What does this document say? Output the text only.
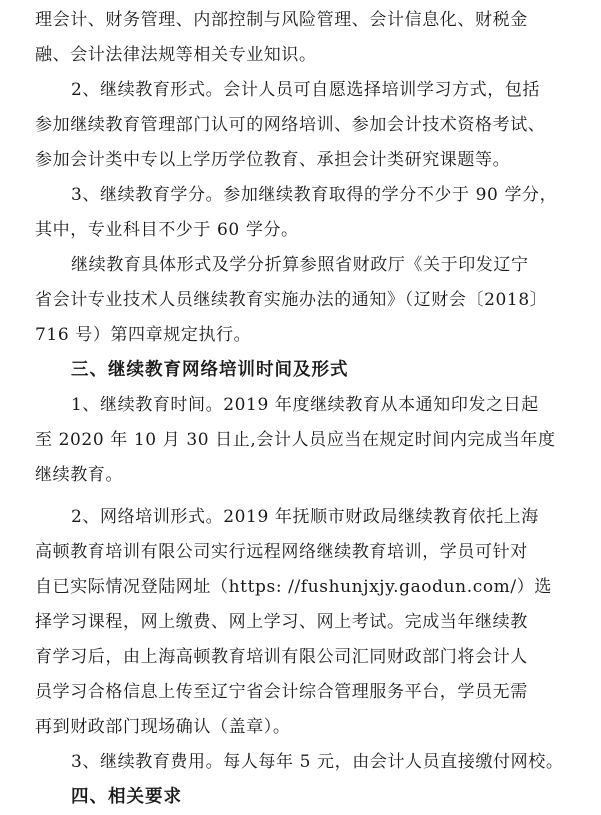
理会计、财务管理、内部控制与风险管理、会计信息化、财税金
融、会计法律法规等相关专业知识。
2、继续教育形式。会计人员可自愿选择培训学习方式，包括
参加继续教育管理部门认可的网络培训、参加会计技术资格考试、
参加会计类中专以上学历学位教育、承担会计类研究课题等。
3、继续教育学分。参加继续教育取得的学分不少于 90 学分，
其中，专业科目不少于 60 学分。
继续教育具体形式及学分折算参照省财政厅《关于印发辽宁
省会计专业技术人员继续教育实施办法的通知》（辽财会〔2018〕
716 号）第四章规定执行。
三、继续教育网络培训时间及形式
1、继续教育时间。2019 年度继续教育从本通知印发之日起
至 2020 年 10 月 30 日止,会计人员应当在规定时间内完成当年度
继续教育。
2、网络培训形式。2019 年抚顺市财政局继续教育依托上海
高顿教育培训有限公司实行远程网络继续教育培训，学员可针对
自已实际情况登陆网址（https: //fushunjxjy.gaodun.com/）选
择学习课程，网上缴费、网上学习、网上考试。完成当年继续教
育学习后，由上海高顿教育培训有限公司汇同财政部门将会计人
员学习合格信息上传至辽宁省会计综合管理服务平台，学员无需
再到财政部门现场确认（盖章）。
3、继续教育费用。每人每年 5 元，由会计人员直接缴付网校。
四、相关要求
